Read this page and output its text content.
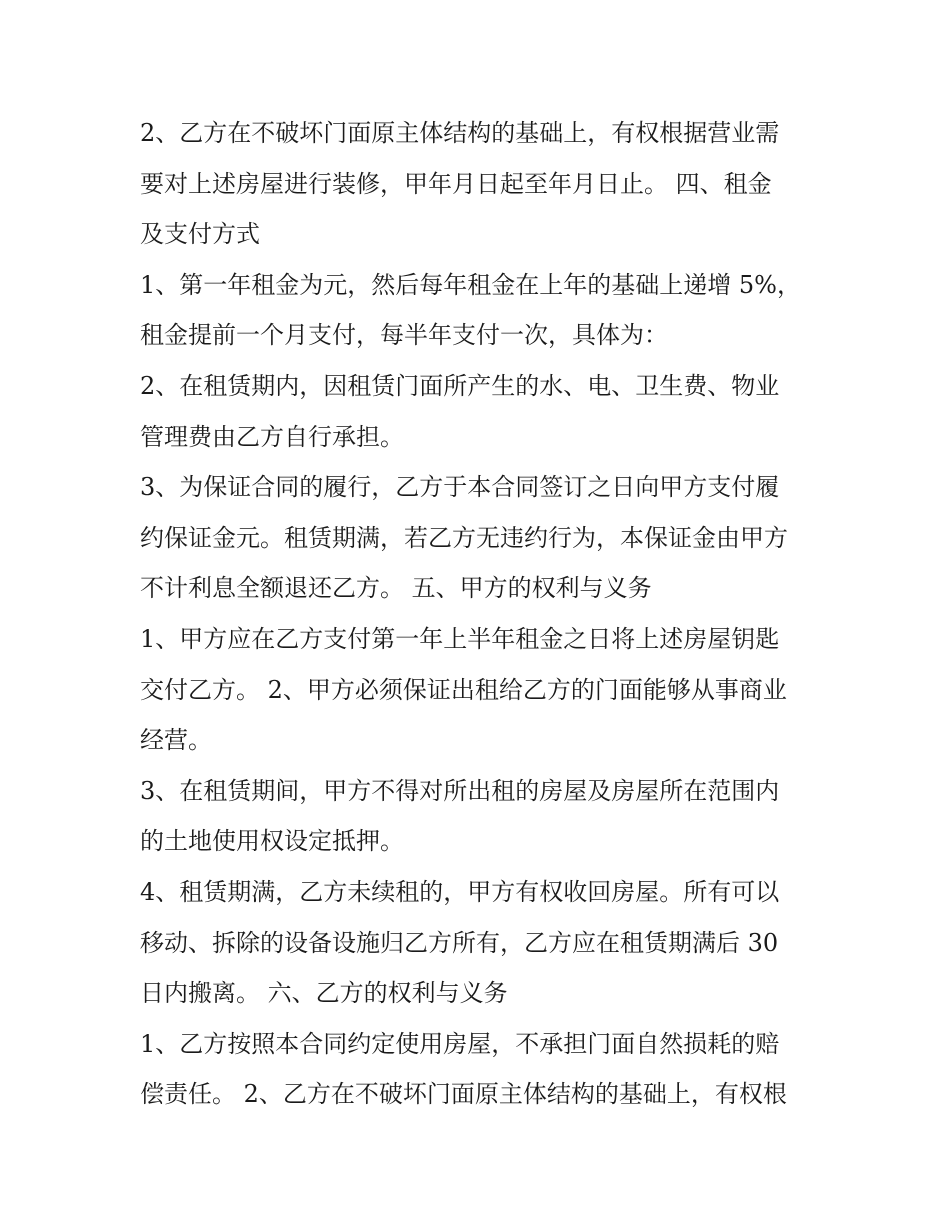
2、乙方在不破坏门面原主体结构的基础上，有权根据营业需
要对上述房屋进行装修，甲年月日起至年月日止。 四、租金
及支付方式
1、第一年租金为元，然后每年租金在上年的基础上递增 5%，
租金提前一个月支付，每半年支付一次，具体为：
2、在租赁期内，因租赁门面所产生的水、电、卫生费、物业
管理费由乙方自行承担。
3、为保证合同的履行，乙方于本合同签订之日向甲方支付履
约保证金元。租赁期满，若乙方无违约行为，本保证金由甲方
不计利息全额退还乙方。 五、甲方的权利与义务
1、甲方应在乙方支付第一年上半年租金之日将上述房屋钥匙
交付乙方。 2、甲方必须保证出租给乙方的门面能够从事商业
经营。
3、在租赁期间，甲方不得对所出租的房屋及房屋所在范围内
的土地使用权设定抵押。
4、租赁期满，乙方未续租的，甲方有权收回房屋。所有可以
移动、拆除的设备设施归乙方所有，乙方应在租赁期满后 30
日内搬离。 六、乙方的权利与义务
1、乙方按照本合同约定使用房屋，不承担门面自然损耗的赔
偿责任。 2、乙方在不破坏门面原主体结构的基础上，有权根
